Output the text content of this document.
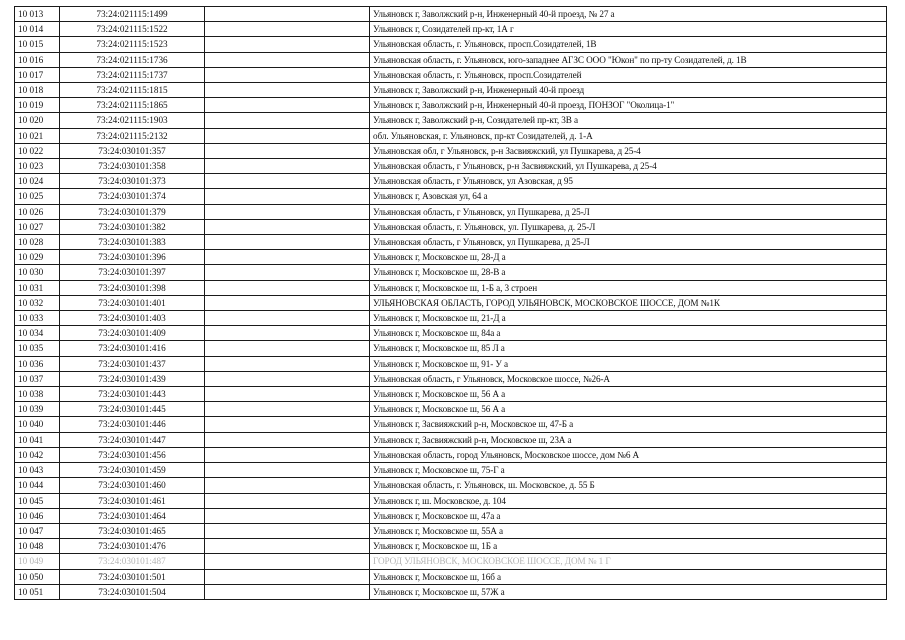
10 013	73:24:021115:1499		Ульяновск г, Заволжский р-н, Инженерный 40-й проезд, № 27 а
10 014	73:24:021115:1522		Ульяновск г, Созидателей пр-кт, 1А г
10 015	73:24:021115:1523		Ульяновская область, г. Ульяновск, просп.Созидателей, 1В
10 016	73:24:021115:1736		Ульяновская область, г. Ульяновск, юго-западнее АГЗС ООО "Юкон" по пр-ту Созидателей, д. 1В
10 017	73:24:021115:1737		Ульяновская область, г. Ульяновск, просп.Созидателей
10 018	73:24:021115:1815		Ульяновск г, Заволжский р-н, Инженерный 40-й проезд
10 019	73:24:021115:1865		Ульяновск г, Заволжский р-н, Инженерный 40-й проезд, ПОНЗОГ "Околица-1"
10 020	73:24:021115:1903		Ульяновск г, Заволжский р-н, Созидателей пр-кт, 3В а
10 021	73:24:021115:2132		обл. Ульяновская, г. Ульяновск, пр-кт Созидателей, д. 1-А
10 022	73:24:030101:357		Ульяновская обл, г Ульяновск, р-н Засвияжский, ул Пушкарева, д 25-4
10 023	73:24:030101:358		Ульяновская область, г Ульяновск, р-н Засвияжский, ул Пушкарева, д 25-4
10 024	73:24:030101:373		Ульяновская область, г Ульяновск, ул Азовская, д 95
10 025	73:24:030101:374		Ульяновск г, Азовская ул, 64 а
10 026	73:24:030101:379		Ульяновская область, г Ульяновск, ул Пушкарева, д 25-Л
10 027	73:24:030101:382		Ульяновская область, г. Ульяновск, ул. Пушкарева, д. 25-Л
10 028	73:24:030101:383		Ульяновская область, г Ульяновск, ул Пушкарева, д 25-Л
10 029	73:24:030101:396		Ульяновск г, Московское ш, 28-Д а
10 030	73:24:030101:397		Ульяновск г, Московское ш, 28-В а
10 031	73:24:030101:398		Ульяновск г, Московское ш, 1-Б а, 3 строен
10 032	73:24:030101:401		УЛЬЯНОВСКАЯ ОБЛАСТЬ, ГОРОД УЛЬЯНОВСК, МОСКОВСКОЕ ШОССЕ, ДОМ №1К
10 033	73:24:030101:403		Ульяновск г, Московское ш, 21-Д а
10 034	73:24:030101:409		Ульяновск г, Московское ш, 84а а
10 035	73:24:030101:416		Ульяновск г, Московское ш, 85 Л а
10 036	73:24:030101:437		Ульяновск г, Московское ш, 91- У а
10 037	73:24:030101:439		Ульяновская область, г Ульяновск, Московское шоссе, №26-А
10 038	73:24:030101:443		Ульяновск г, Московское ш, 56 А а
10 039	73:24:030101:445		Ульяновск г, Московское ш, 56 А а
10 040	73:24:030101:446		Ульяновск г, Засвияжский р-н, Московское ш, 47-Б а
10 041	73:24:030101:447		Ульяновск г, Засвияжский р-н, Московское ш, 23А а
10 042	73:24:030101:456		Ульяновская область, город Ульяновск, Московское шоссе, дом №6 А
10 043	73:24:030101:459		Ульяновск г, Московское ш, 75-Г а
10 044	73:24:030101:460		Ульяновская область, г. Ульяновск, ш. Московское, д. 55 Б
10 045	73:24:030101:461		Ульяновск г, ш. Московское, д. 104
10 046	73:24:030101:464		Ульяновск г, Московское ш, 47а а
10 047	73:24:030101:465		Ульяновск г, Московское ш, 55А а
10 048	73:24:030101:476		Ульяновск г, Московское ш, 1Б а
10 049	73:24:030101:487		ГОРОД УЛЬЯНОВСК, МОСКОВСКОЕ ШОССЕ, ДОМ № 1 Г
10 050	73:24:030101:501		Ульяновск г, Московское ш, 16б а
10 051	73:24:030101:504		Ульяновск г, Московское ш, 57Ж а
